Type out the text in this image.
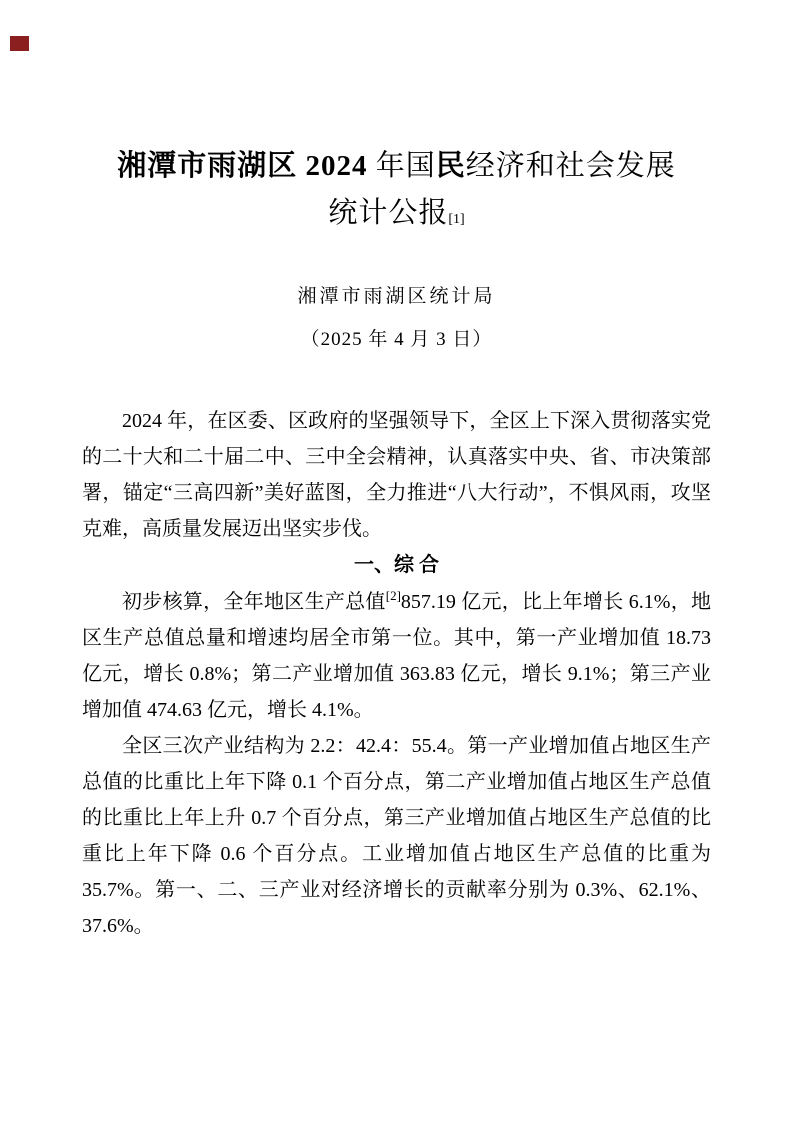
湘潭市雨湖区 2024 年国民经济和社会发展
统计公报[1]

湘潭市雨湖区统计局

（2025 年 4 月 3 日）

2024 年，在区委、区政府的坚强领导下，全区上下深入贯彻落实党的二十大和二十届二中、三中全会精神，认真落实中央、省、市决策部署，锚定“三高四新”美好蓝图，全力推进“八大行动”，不惧风雨，攻坚克难，高质量发展迈出坚实步伐。

一、综 合

初步核算，全年地区生产总值[2]857.19 亿元，比上年增长 6.1%，地区生产总值总量和增速均居全市第一位。其中，第一产业增加值 18.73 亿元，增长 0.8%；第二产业增加值 363.83 亿元，增长 9.1%；第三产业增加值 474.63 亿元，增长 4.1%。

全区三次产业结构为 2.2：42.4：55.4。第一产业增加值占地区生产总值的比重比上年下降 0.1 个百分点，第二产业增加值占地区生产总值的比重比上年上升 0.7 个百分点，第三产业增加值占地区生产总值的比重比上年下降 0.6 个百分点。工业增加值占地区生产总值的比重为 35.7%。第一、二、三产业对经济增长的贡献率分别为 0.3%、62.1%、37.6%。
